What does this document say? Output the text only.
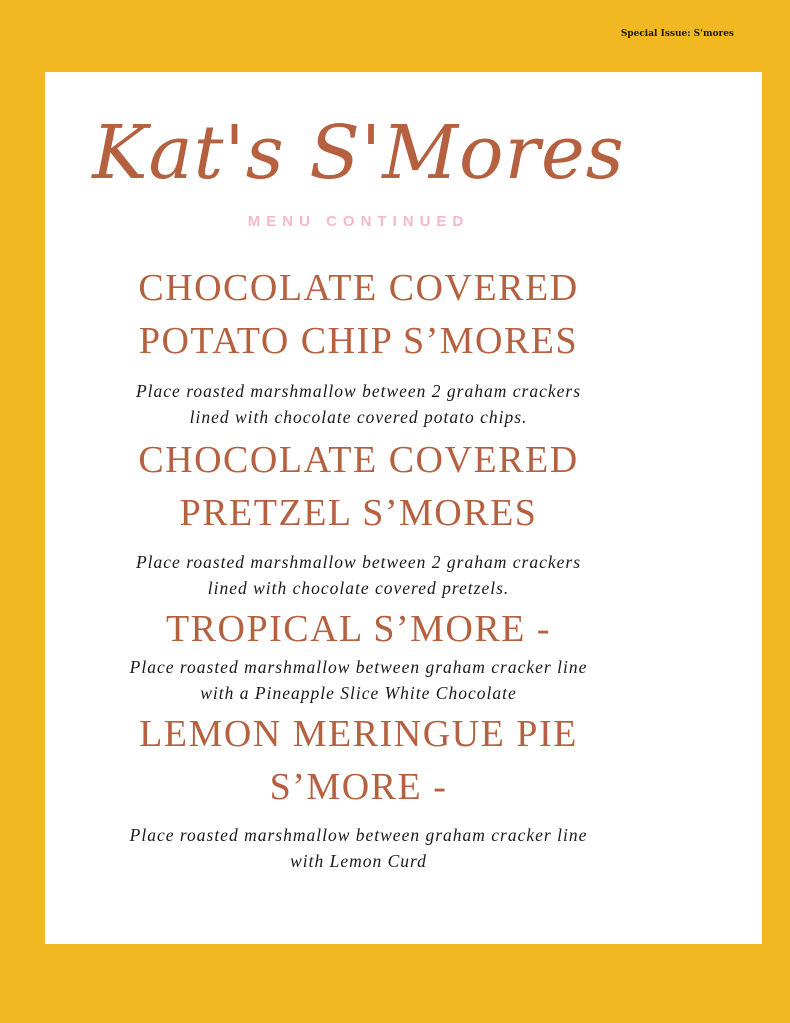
Special Issue: S'mores
Kat's S'Mores
MENU CONTINUED
CHOCOLATE COVERED
POTATO CHIP S’MORES
Place roasted marshmallow between 2 graham crackers
lined with chocolate covered potato chips.
CHOCOLATE COVERED
PRETZEL S’MORES
Place roasted marshmallow between 2 graham crackers
lined with chocolate covered pretzels.
TROPICAL S’MORE -
Place roasted marshmallow between graham cracker line
with a Pineapple Slice White Chocolate
LEMON MERINGUE PIE
S’MORE -
Place roasted marshmallow between graham cracker line
with Lemon Curd
